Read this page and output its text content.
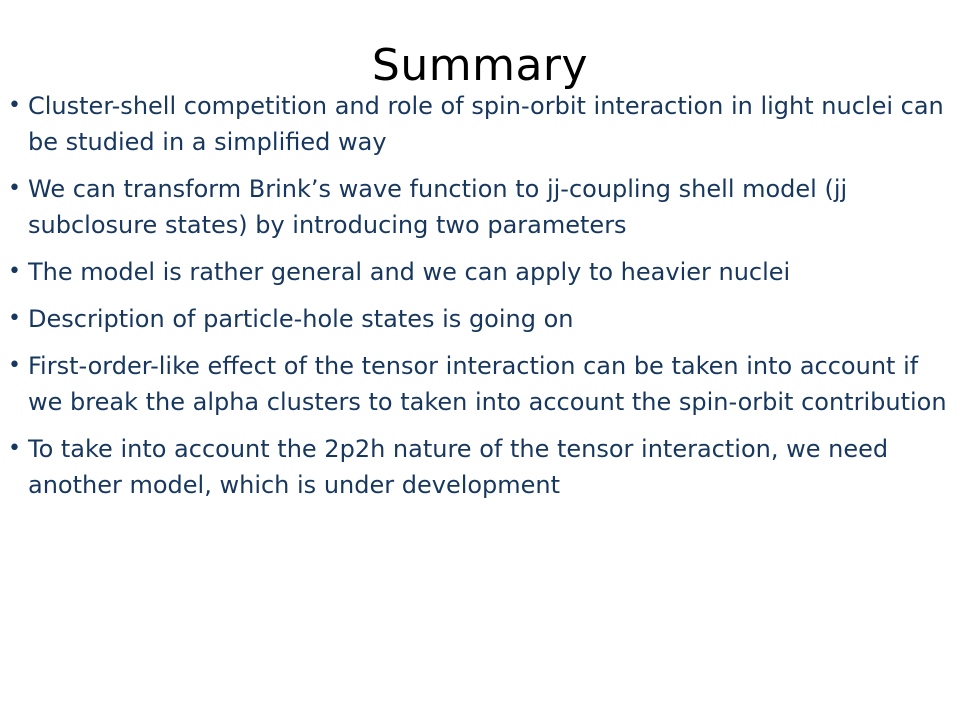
Summary
• Cluster-shell competition and role of spin-orbit interaction in light nuclei can be studied in a simplified way
• We can transform Brink’s wave function to jj-coupling shell model (jj subclosure states) by introducing two parameters
• The model is rather general and we can apply to heavier nuclei
• Description of particle-hole states is going on
• First-order-like effect of the tensor interaction can be taken into account if we break the alpha clusters to taken into account the spin-orbit contribution
• To take into account the 2p2h nature of the tensor interaction, we need another model, which is under development
